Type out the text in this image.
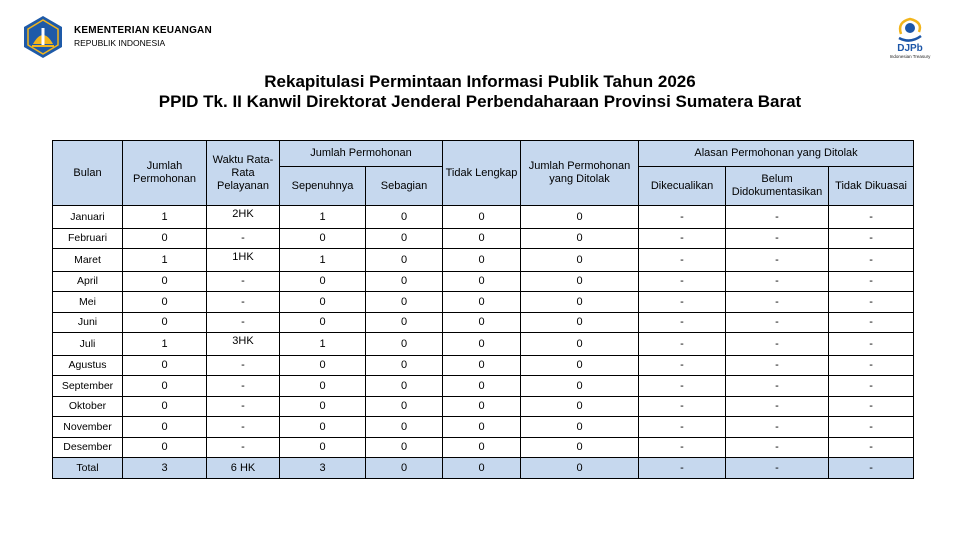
KEMENTERIAN KEUANGAN
REPUBLIK INDONESIA
DJPb
Indonesian Treasury
Rekapitulasi Permintaan Informasi Publik Tahun 2026
PPID Tk. II Kanwil Direktorat Jenderal Perbendaharaan Provinsi Sumatera Barat
Bulan	Jumlah Permohonan	Waktu Rata-Rata Pelayanan	Jumlah Permohonan		Tidak Lengkap	Jumlah Permohonan yang Ditolak	Alasan Permohonan yang Ditolak		
			Sepenuhnya	Sebagian			Dikecualikan	Belum Didokumentasikan	Tidak Dikuasai
Januari	1	2HK	1	0	0	0	-	-	-
Februari	0	-	0	0	0	0	-	-	-
Maret	1	1HK	1	0	0	0	-	-	-
April	0	-	0	0	0	0	-	-	-
Mei	0	-	0	0	0	0	-	-	-
Juni	0	-	0	0	0	0	-	-	-
Juli	1	3HK	1	0	0	0	-	-	-
Agustus	0	-	0	0	0	0	-	-	-
September	0	-	0	0	0	0	-	-	-
Oktober	0	-	0	0	0	0	-	-	-
November	0	-	0	0	0	0	-	-	-
Desember	0	-	0	0	0	0	-	-	-
Total	3	6 HK	3	0	0	0	-	-	-
